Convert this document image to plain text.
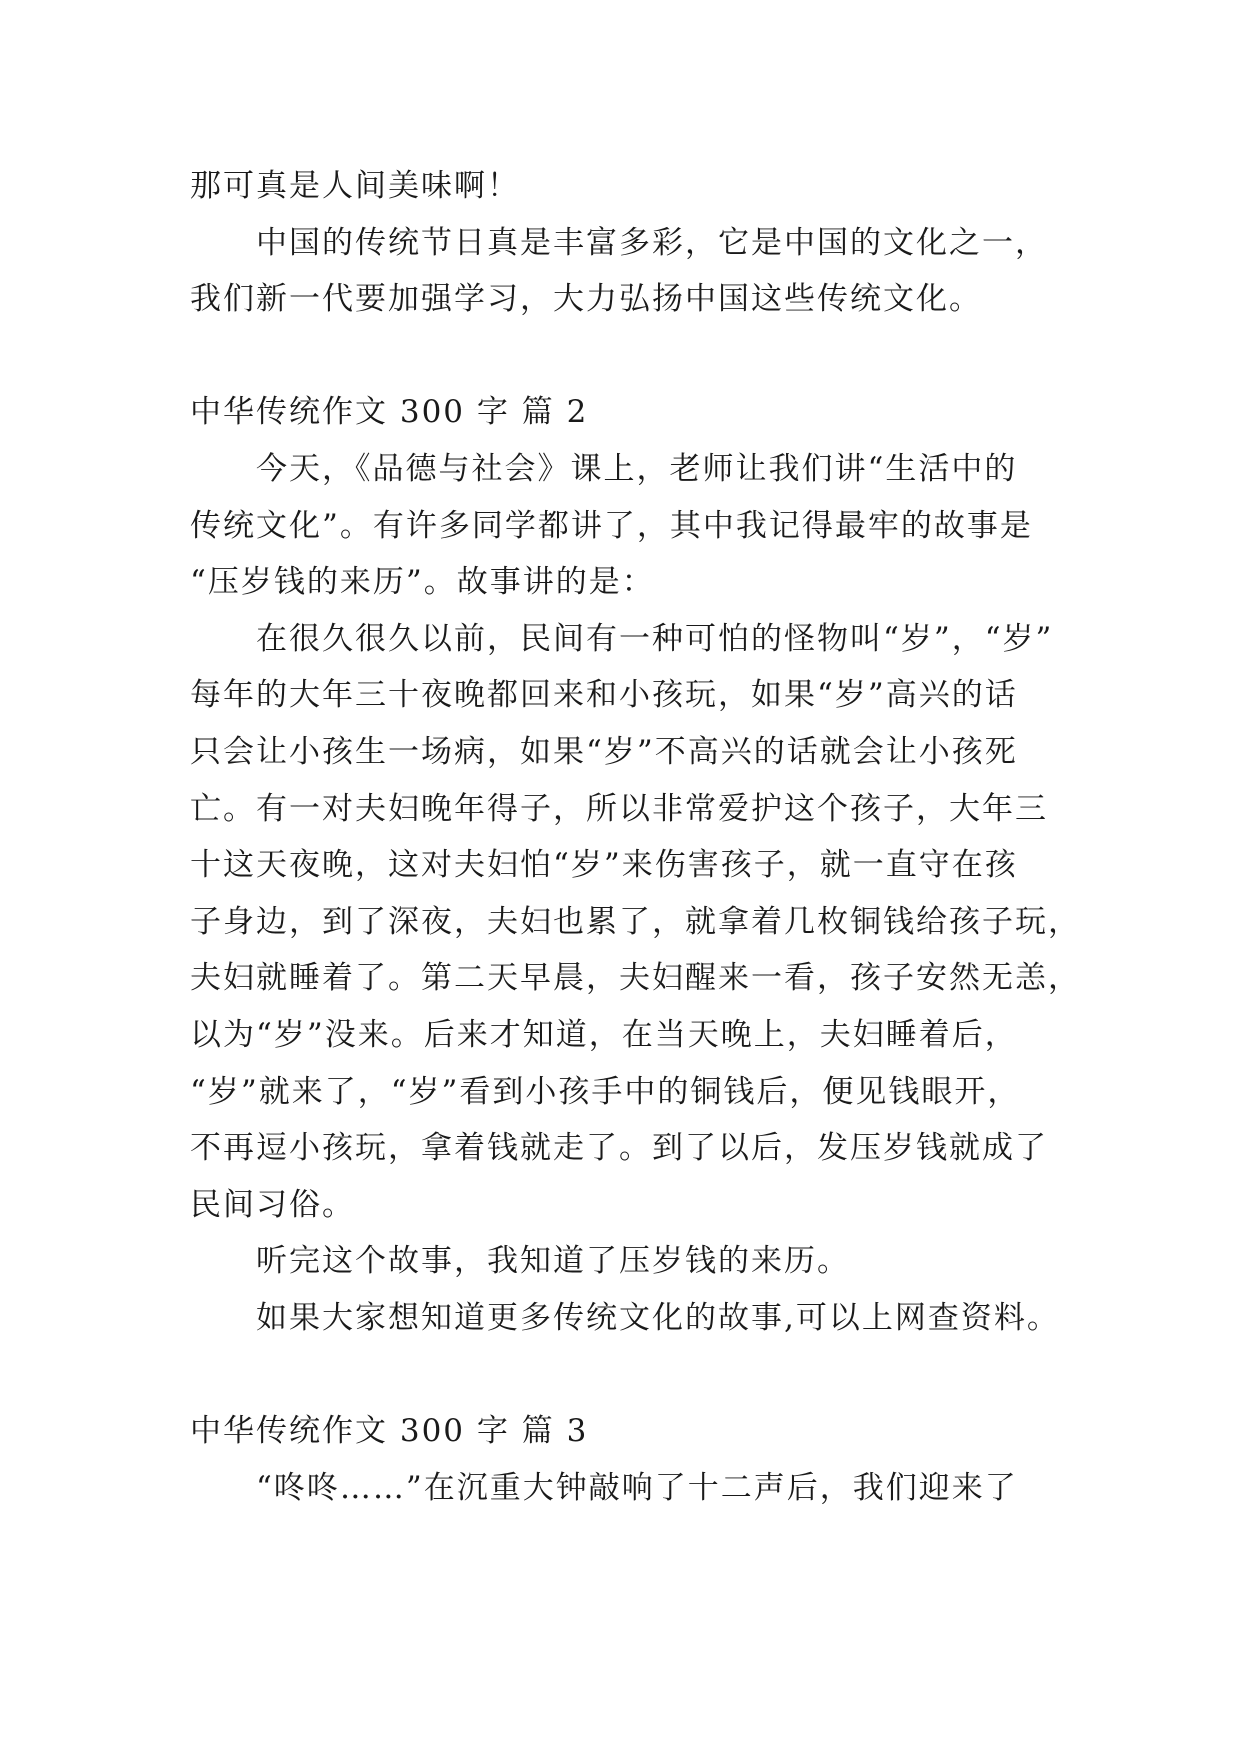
那可真是人间美味啊！
中国的传统节日真是丰富多彩，它是中国的文化之一，
我们新一代要加强学习，大力弘扬中国这些传统文化。
中华传统作文 300 字 篇 2
今天，《品德与社会》课上，老师让我们讲“生活中的
传统文化”。有许多同学都讲了，其中我记得最牢的故事是
“压岁钱的来历”。故事讲的是：
在很久很久以前，民间有一种可怕的怪物叫“岁”，“岁”
每年的大年三十夜晚都回来和小孩玩，如果“岁”高兴的话
只会让小孩生一场病，如果“岁”不高兴的话就会让小孩死
亡。有一对夫妇晚年得子，所以非常爱护这个孩子，大年三
十这天夜晚，这对夫妇怕“岁”来伤害孩子，就一直守在孩
子身边，到了深夜，夫妇也累了，就拿着几枚铜钱给孩子玩，
夫妇就睡着了。第二天早晨，夫妇醒来一看，孩子安然无恙，
以为“岁”没来。后来才知道，在当天晚上，夫妇睡着后，
“岁”就来了，“岁”看到小孩手中的铜钱后，便见钱眼开，
不再逗小孩玩，拿着钱就走了。到了以后，发压岁钱就成了
民间习俗。
听完这个故事，我知道了压岁钱的来历。
如果大家想知道更多传统文化的故事,可以上网查资料。
中华传统作文 300 字 篇 3
“咚咚……”在沉重大钟敲响了十二声后，我们迎来了
